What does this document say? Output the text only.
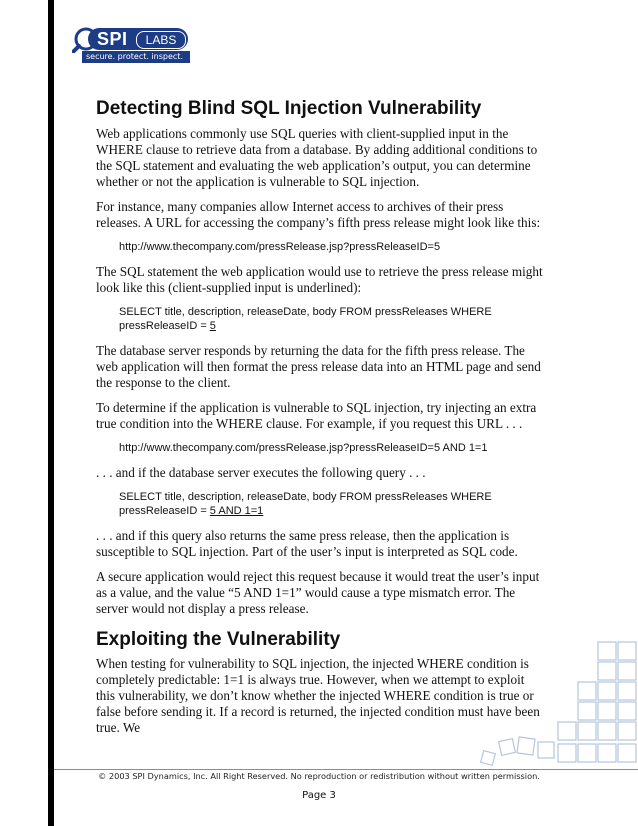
SPI	LABS
secure. protect. inspect.
Detecting Blind SQL Injection Vulnerability

Web applications commonly use SQL queries with client-supplied input in the WHERE clause to retrieve data from a database. By adding additional conditions to the SQL statement and evaluating the web application’s output, you can determine whether or not the application is vulnerable to SQL injection.

For instance, many companies allow Internet access to archives of their press releases. A URL for accessing the company’s fifth press release might look like this:

http://www.thecompany.com/pressRelease.jsp?pressReleaseID=5

The SQL statement the web application would use to retrieve the press release might look like this (client-supplied input is underlined):

SELECT title, description, releaseDate, body FROM pressReleases WHERE
pressReleaseID = 5

The database server responds by returning the data for the fifth press release. The web application will then format the press release data into an HTML page and send the response to the client.

To determine if the application is vulnerable to SQL injection, try injecting an extra true condition into the WHERE clause. For example, if you request this URL . . .

http://www.thecompany.com/pressRelease.jsp?pressReleaseID=5 AND 1=1

. . . and if the database server executes the following query . . .

SELECT title, description, releaseDate, body FROM pressReleases WHERE
pressReleaseID = 5 AND 1=1

. . . and if this query also returns the same press release, then the application is susceptible to SQL injection. Part of the user’s input is interpreted as SQL code.

A secure application would reject this request because it would treat the user’s input as a value, and the value “5 AND 1=1” would cause a type mismatch error. The server would not display a press release.

Exploiting the Vulnerability

When testing for vulnerability to SQL injection, the injected WHERE condition is completely predictable: 1=1 is always true. However, when we attempt to exploit this vulnerability, we don’t know whether the injected WHERE condition is true or false before sending it. If a record is returned, the injected condition must have been true. We

© 2003 SPI Dynamics, Inc. All Right Reserved. No reproduction or redistribution without written permission.
Page 3
